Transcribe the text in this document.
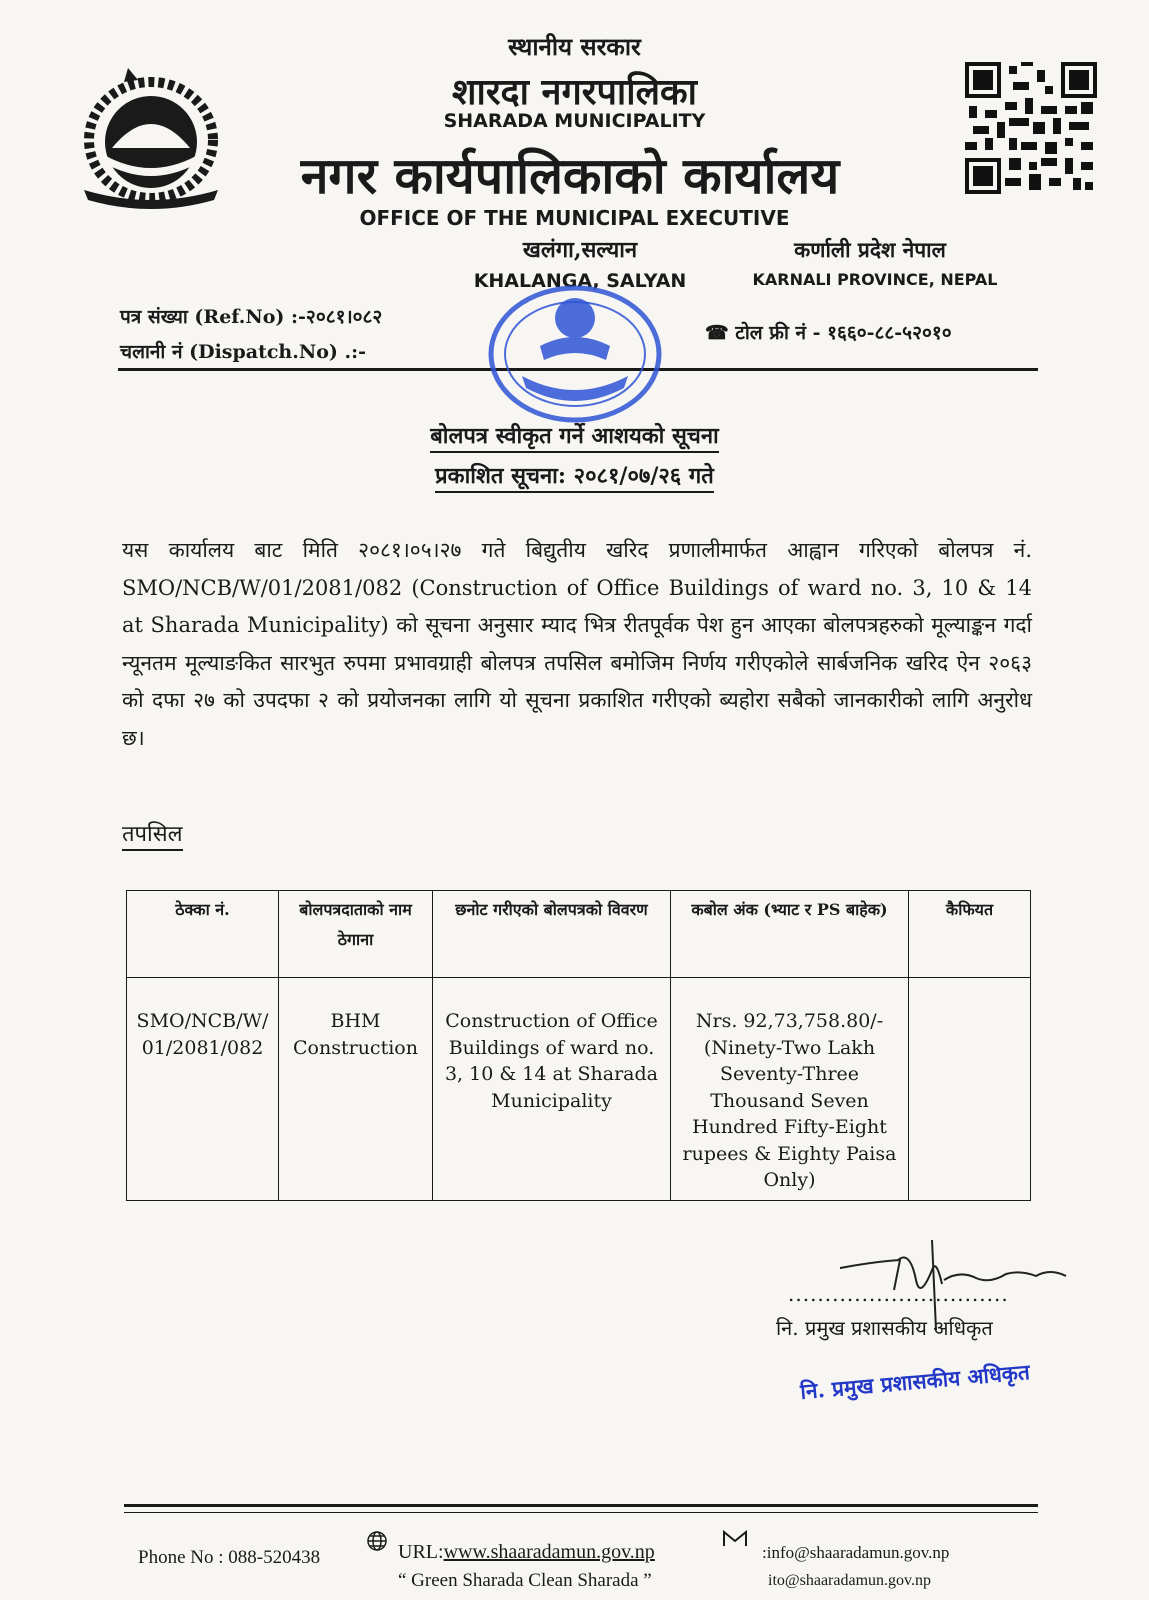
स्थानीय सरकार
शारदा नगरपालिका
SHARADA MUNICIPALITY
नगर कार्यपालिकाको कार्यालय
OFFICE OF THE MUNICIPAL EXECUTIVE
खलंगा,सल्यान
KHALANGA, SALYAN
कर्णाली प्रदेश नेपाल
KARNALI PROVINCE, NEPAL
पत्र संख्या (Ref.No) :-२०८१।०८२
चलानी नं (Dispatch.No) .:-
☎ टोल फ्री नं - १६६०-८८-५२०१०
बोलपत्र स्वीकृत गर्ने आशयको सूचना
प्रकाशित सूचना: २०८१/०७/२६ गते
यस कार्यालय बाट मिति २०८१।०५।२७ गते बिद्युतीय खरिद प्रणालीमार्फत आह्वान गरिएको बोलपत्र नं. SMO/NCB/W/01/2081/082 (Construction of Office Buildings of ward no. 3, 10 & 14 at Sharada Municipality) को सूचना अनुसार म्याद भित्र रीतपूर्वक पेश हुन आएका बोलपत्रहरुको मूल्याङ्कन गर्दा न्यूनतम मूल्याङकित सारभुत रुपमा प्रभावग्राही बोलपत्र तपसिल बमोजिम निर्णय गरीएकोले सार्बजनिक खरिद ऐन २०६३ को दफा २७ को उपदफा २ को प्रयोजनका लागि यो सूचना प्रकाशित गरीएको ब्यहोरा सबैको जानकारीको लागि अनुरोध छ।
तपसिल
ठेक्का नं.	बोलपत्रदाताको नाम ठेगाना	छनोट गरीएको बोलपत्रको विवरण	कबोल अंक (भ्याट र PS बाहेक)	कैफियत
SMO/NCB/W/01/2081/082	BHM Construction	Construction of Office Buildings of ward no. 3, 10 & 14 at Sharada Municipality	Nrs. 92,73,758.80/- (Ninety-Two Lakh Seventy-Three Thousand Seven Hundred Fifty-Eight rupees & Eighty Paisa Only)	
..............................
नि. प्रमुख प्रशासकीय अधिकृत
नि. प्रमुख प्रशासकीय अधिकृत
Phone No : 088-520438	URL:www.shaaradamun.gov.np	:info@shaaradamun.gov.np
ito@shaaradamun.gov.np
“ Green Sharada Clean Sharada ”
